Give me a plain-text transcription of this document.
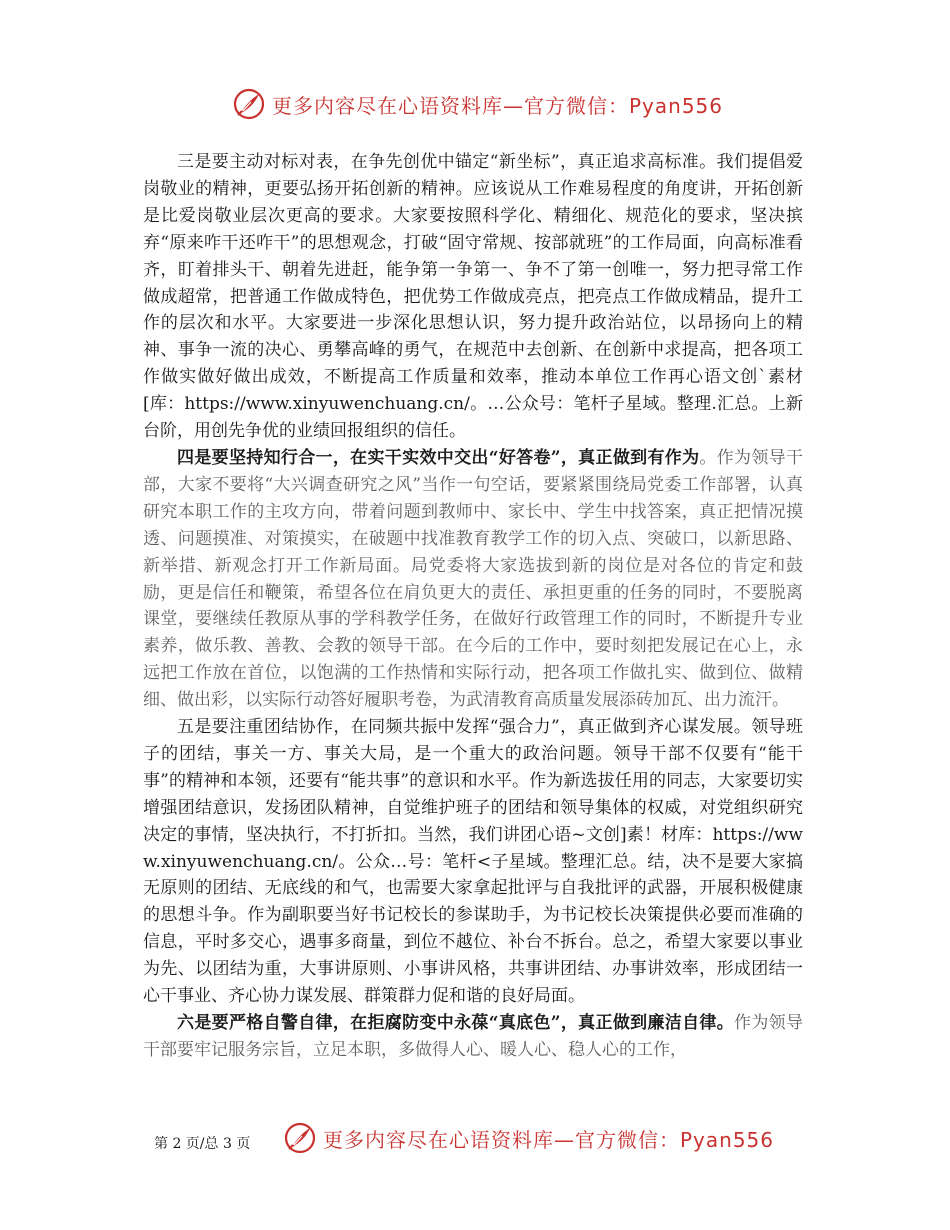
更多内容尽在心语资料库—官方微信：Pyan556

三是要主动对标对表，在争先创优中锚定“新坐标”，真正追求高标准。我们提倡爱岗敬业的精神，更要弘扬开拓创新的精神。应该说从工作难易程度的角度讲，开拓创新是比爱岗敬业层次更高的要求。大家要按照科学化、精细化、规范化的要求，坚决摈弃“原来咋干还咋干”的思想观念，打破“固守常规、按部就班”的工作局面，向高标准看齐，盯着排头干、朝着先进赶，能争第一争第一、争不了第一创唯一，努力把寻常工作做成超常，把普通工作做成特色，把优势工作做成亮点，把亮点工作做成精品，提升工作的层次和水平。大家要进一步深化思想认识，努力提升政治站位，以昂扬向上的精神、事争一流的决心、勇攀高峰的勇气，在规范中去创新、在创新中求提高，把各项工作做实做好做出成效，不断提高工作质量和效率，推动本单位工作再心语文创`素材[库：https://www.xinyuwenchuang.cn/。…公众号：笔杆子星域。整理.汇总。上新台阶，用创先争优的业绩回报组织的信任。

四是要坚持知行合一，在实干实效中交出“好答卷”，真正做到有作为。作为领导干部，大家不要将“大兴调查研究之风”当作一句空话，要紧紧围绕局党委工作部署，认真研究本职工作的主攻方向，带着问题到教师中、家长中、学生中找答案，真正把情况摸透、问题摸准、对策摸实，在破题中找准教育教学工作的切入点、突破口，以新思路、新举措、新观念打开工作新局面。局党委将大家选拔到新的岗位是对各位的肯定和鼓励，更是信任和鞭策，希望各位在肩负更大的责任、承担更重的任务的同时，不要脱离课堂，要继续任教原从事的学科教学任务，在做好行政管理工作的同时，不断提升专业素养，做乐教、善教、会教的领导干部。在今后的工作中，要时刻把发展记在心上，永远把工作放在首位，以饱满的工作热情和实际行动，把各项工作做扎实、做到位、做精细、做出彩，以实际行动答好履职考卷，为武清教育高质量发展添砖加瓦、出力流汗。

五是要注重团结协作，在同频共振中发挥“强合力”，真正做到齐心谋发展。领导班子的团结，事关一方、事关大局，是一个重大的政治问题。领导干部不仅要有“能干事”的精神和本领，还要有“能共事”的意识和水平。作为新选拔任用的同志，大家要切实增强团结意识，发扬团队精神，自觉维护班子的团结和领导集体的权威，对党组织研究决定的事情，坚决执行，不打折扣。当然，我们讲团心语~文创]素！材库：https://www.xinyuwenchuang.cn/。公众…号：笔杆<子星域。整理汇总。结，决不是要大家搞无原则的团结、无底线的和气，也需要大家拿起批评与自我批评的武器，开展积极健康的思想斗争。作为副职要当好书记校长的参谋助手，为书记校长决策提供必要而准确的信息，平时多交心，遇事多商量，到位不越位、补台不拆台。总之，希望大家要以事业为先、以团结为重，大事讲原则、小事讲风格，共事讲团结、办事讲效率，形成团结一心干事业、齐心协力谋发展、群策群力促和谐的良好局面。

六是要严格自警自律，在拒腐防变中永葆“真底色”，真正做到廉洁自律。作为领导干部要牢记服务宗旨，立足本职，多做得人心、暖人心、稳人心的工作，

第 2 页/总 3 页	更多内容尽在心语资料库—官方微信：Pyan556
